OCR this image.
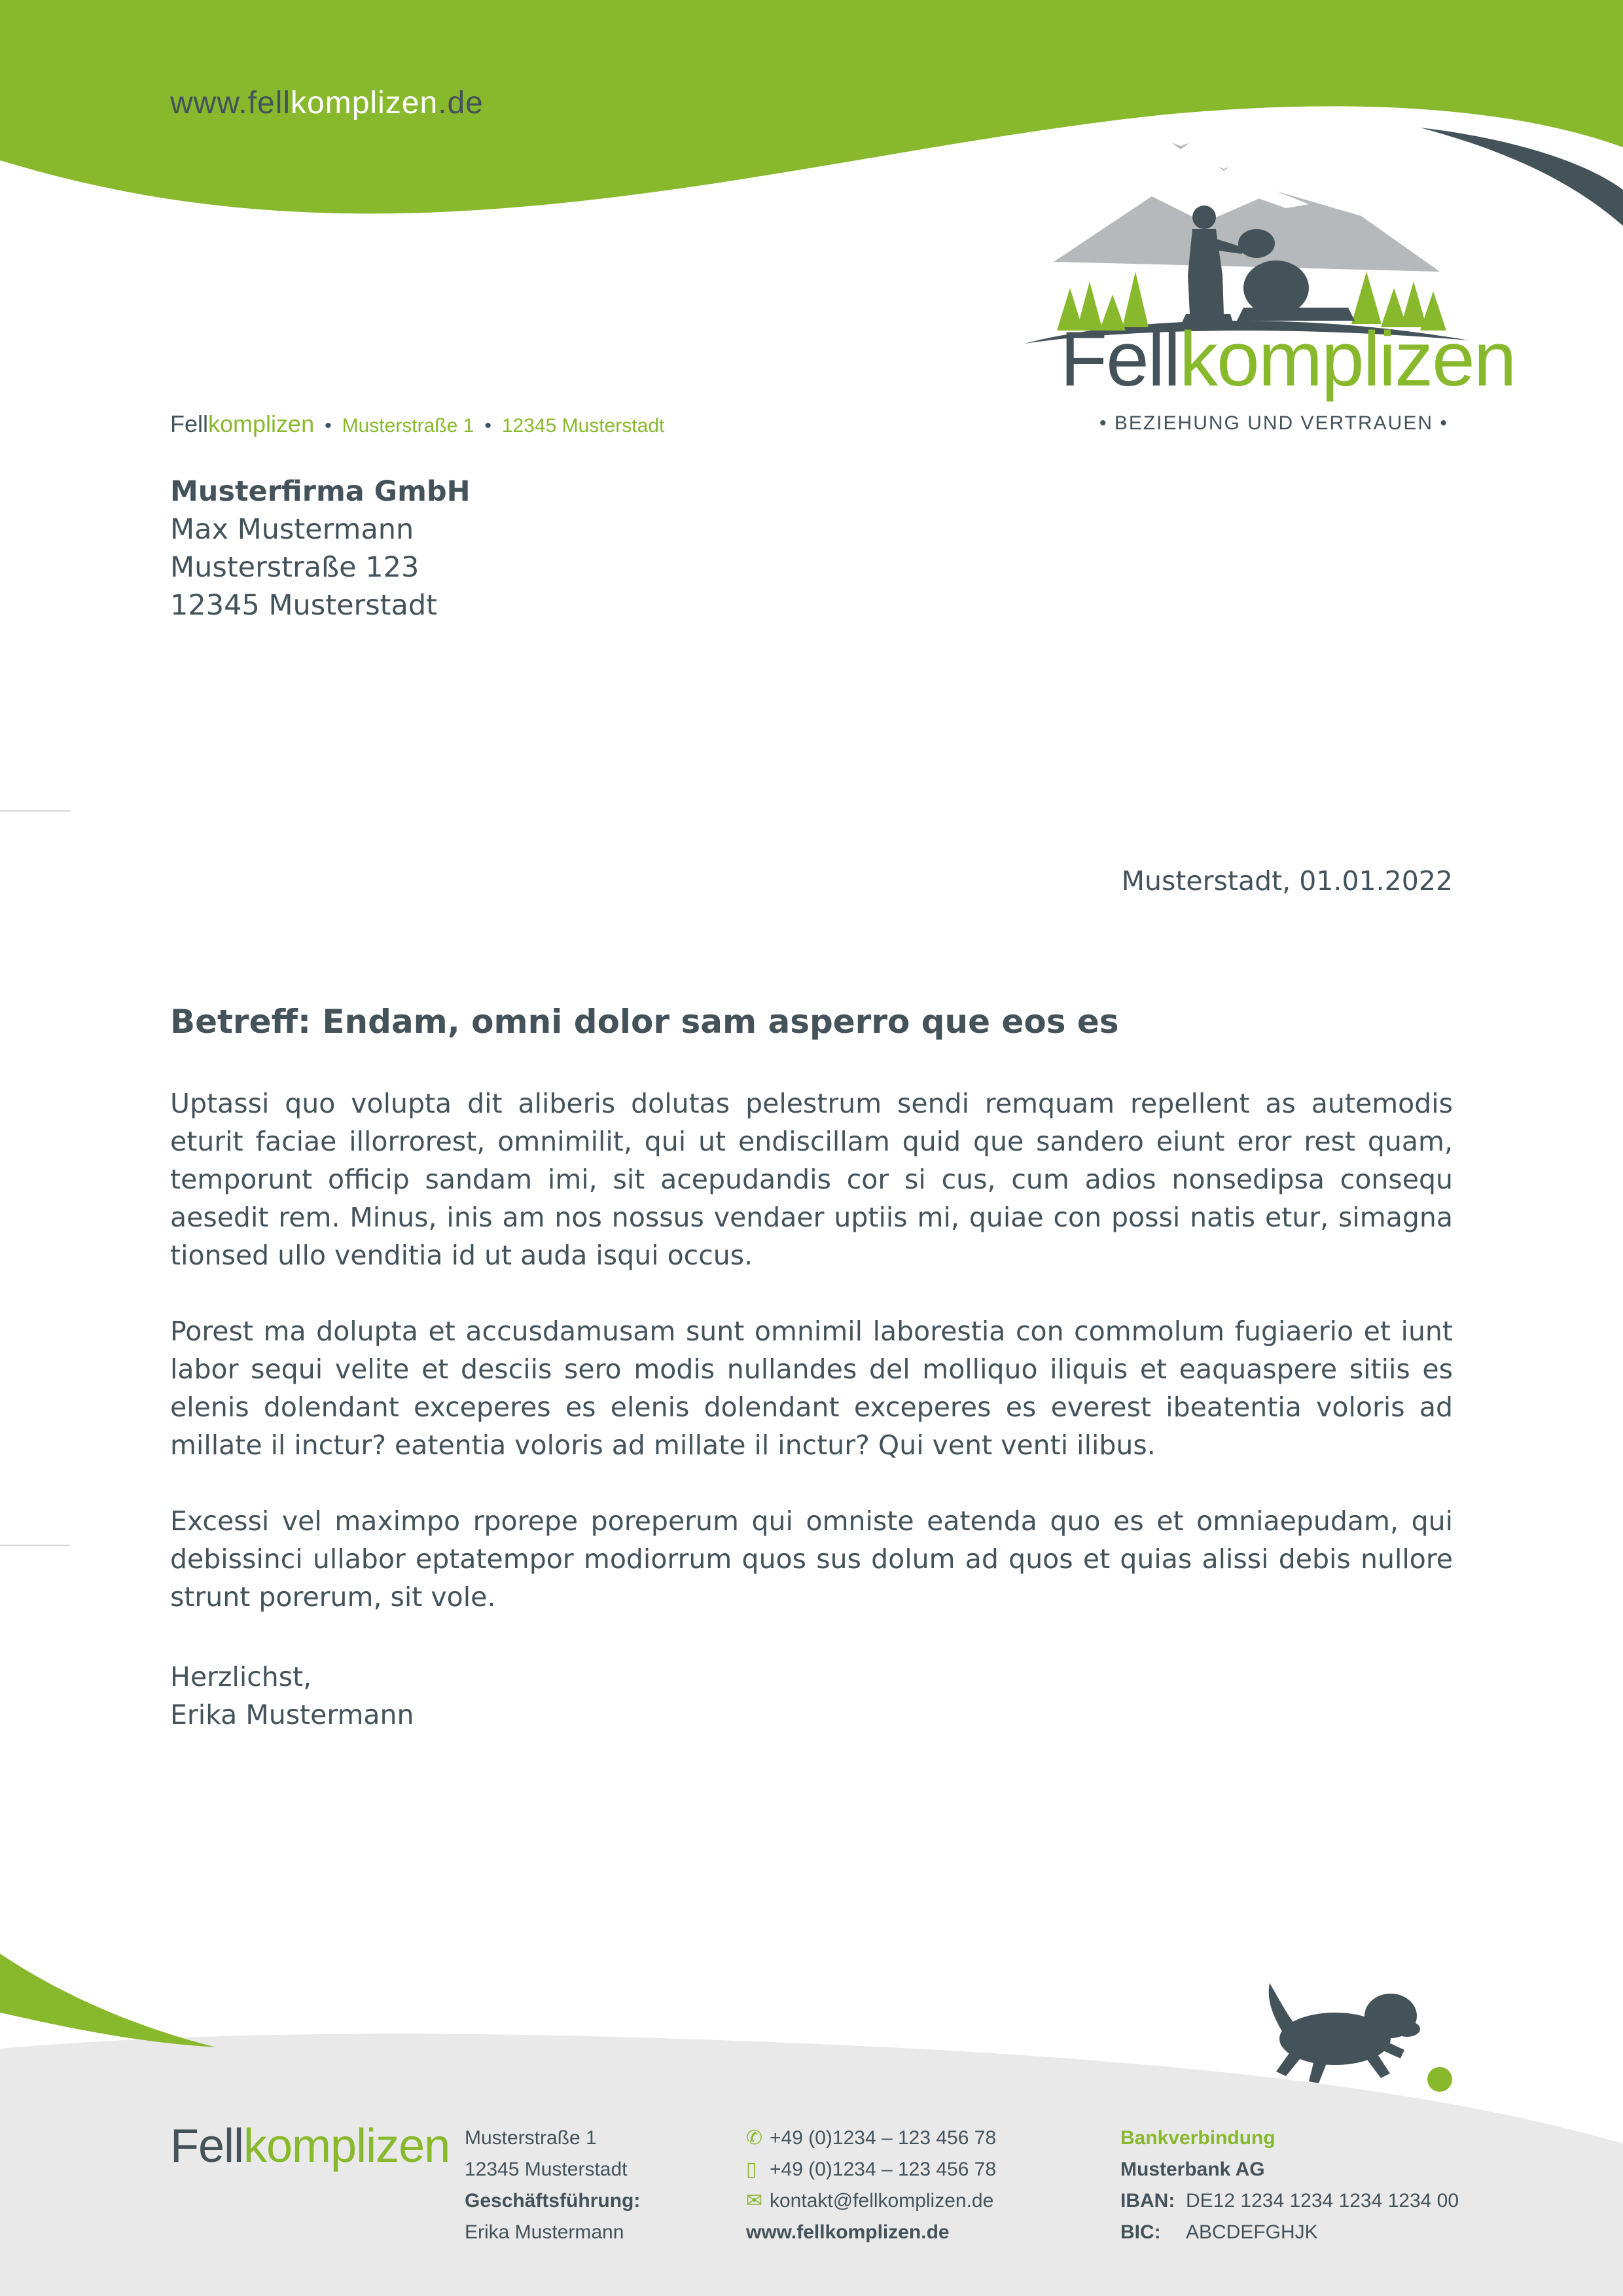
www.fellkomplizen.de
Fellkomplizen
• BEZIEHUNG UND VERTRAUEN •
Fellkomplizen • Musterstraße 1 • 12345 Musterstadt
Musterfirma GmbH
Max Mustermann
Musterstraße 123
12345 Musterstadt
Musterstadt, 01.01.2022
Betreff: Endam, omni dolor sam asperro que eos es

Uptassi quo volupta dit aliberis dolutas pelestrum sendi remquam repellent as autemodis eturit faciae illorrorest, omnimilit, qui ut endiscillam quid que sandero eiunt eror rest quam, temporunt officip sandam imi, sit acepudandis cor si cus, cum adios nonsedipsa consequ aesedit rem. Minus, inis am nos nossus vendaer uptiis mi, quiae con possi natis etur, simagna tionsed ullo venditia id ut auda isqui occus.

Porest ma dolupta et accusdamusam sunt omnimil laborestia con commolum fugiaerio et iunt labor sequi velite et desciis sero modis nullandes del molliquo iliquis et eaquaspere sitiis es elenis dolendant exceperes es elenis dolendant exceperes es everest ibeatentia voloris ad millate il inctur? eatentia voloris ad millate il inctur? Qui vent venti ilibus.

Excessi vel maximpo rporepe poreperum qui omniste eatenda quo es et omniaepudam, qui debissinci ullabor eptatempor modiorrum quos sus dolum ad quos et quias alissi debis nullore strunt porerum, sit vole.

Herzlichst,
Erika Mustermann
Fellkomplizen Musterstraße 1
12345 Musterstadt
Geschäftsführung:
Erika Mustermann
✆ +49 (0)1234 – 123 456 78
▯ +49 (0)1234 – 123 456 78
✉ kontakt@fellkomplizen.de
www.fellkomplizen.de
Bankverbindung
Musterbank AG
IBAN: DE12 1234 1234 1234 1234 00
BIC: ABCDEFGHJK
